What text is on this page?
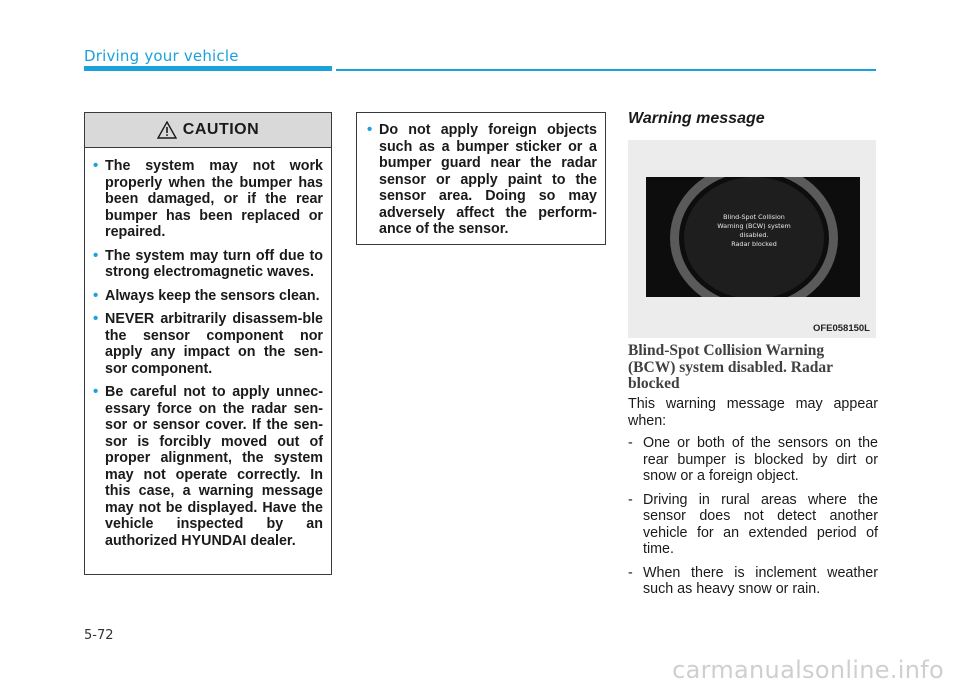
Driving your vehicle
CAUTION
• The system may not work properly when the bumper has been damaged, or if the rear bumper has been replaced or repaired.
• The system may turn off due to strong electromagnetic waves.
• Always keep the sensors clean.
• NEVER arbitrarily disassem-ble the sensor component nor apply any impact on the sen-sor component.
• Be careful not to apply unnec-essary force on the radar sen-sor or sensor cover. If the sen-sor is forcibly moved out of proper alignment, the system may not operate correctly. In this case, a warning message may not be displayed. Have the vehicle inspected by an authorized HYUNDAI dealer.
• Do not apply foreign objects such as a bumper sticker or a bumper guard near the radar sensor or apply paint to the sensor area. Doing so may adversely affect the perform-ance of the sensor.
Warning message
Blind-Spot Collision
Warning (BCW) system
disabled.
Radar blocked
OFE058150L
Blind-Spot Collision Warning
(BCW) system disabled. Radar
blocked
This warning message may appear when:
- One or both of the sensors on the rear bumper is blocked by dirt or snow or a foreign object.
- Driving in rural areas where the sensor does not detect another vehicle for an extended period of time.
- When there is inclement weather such as heavy snow or rain.
5-72
carmanualsonline.info
